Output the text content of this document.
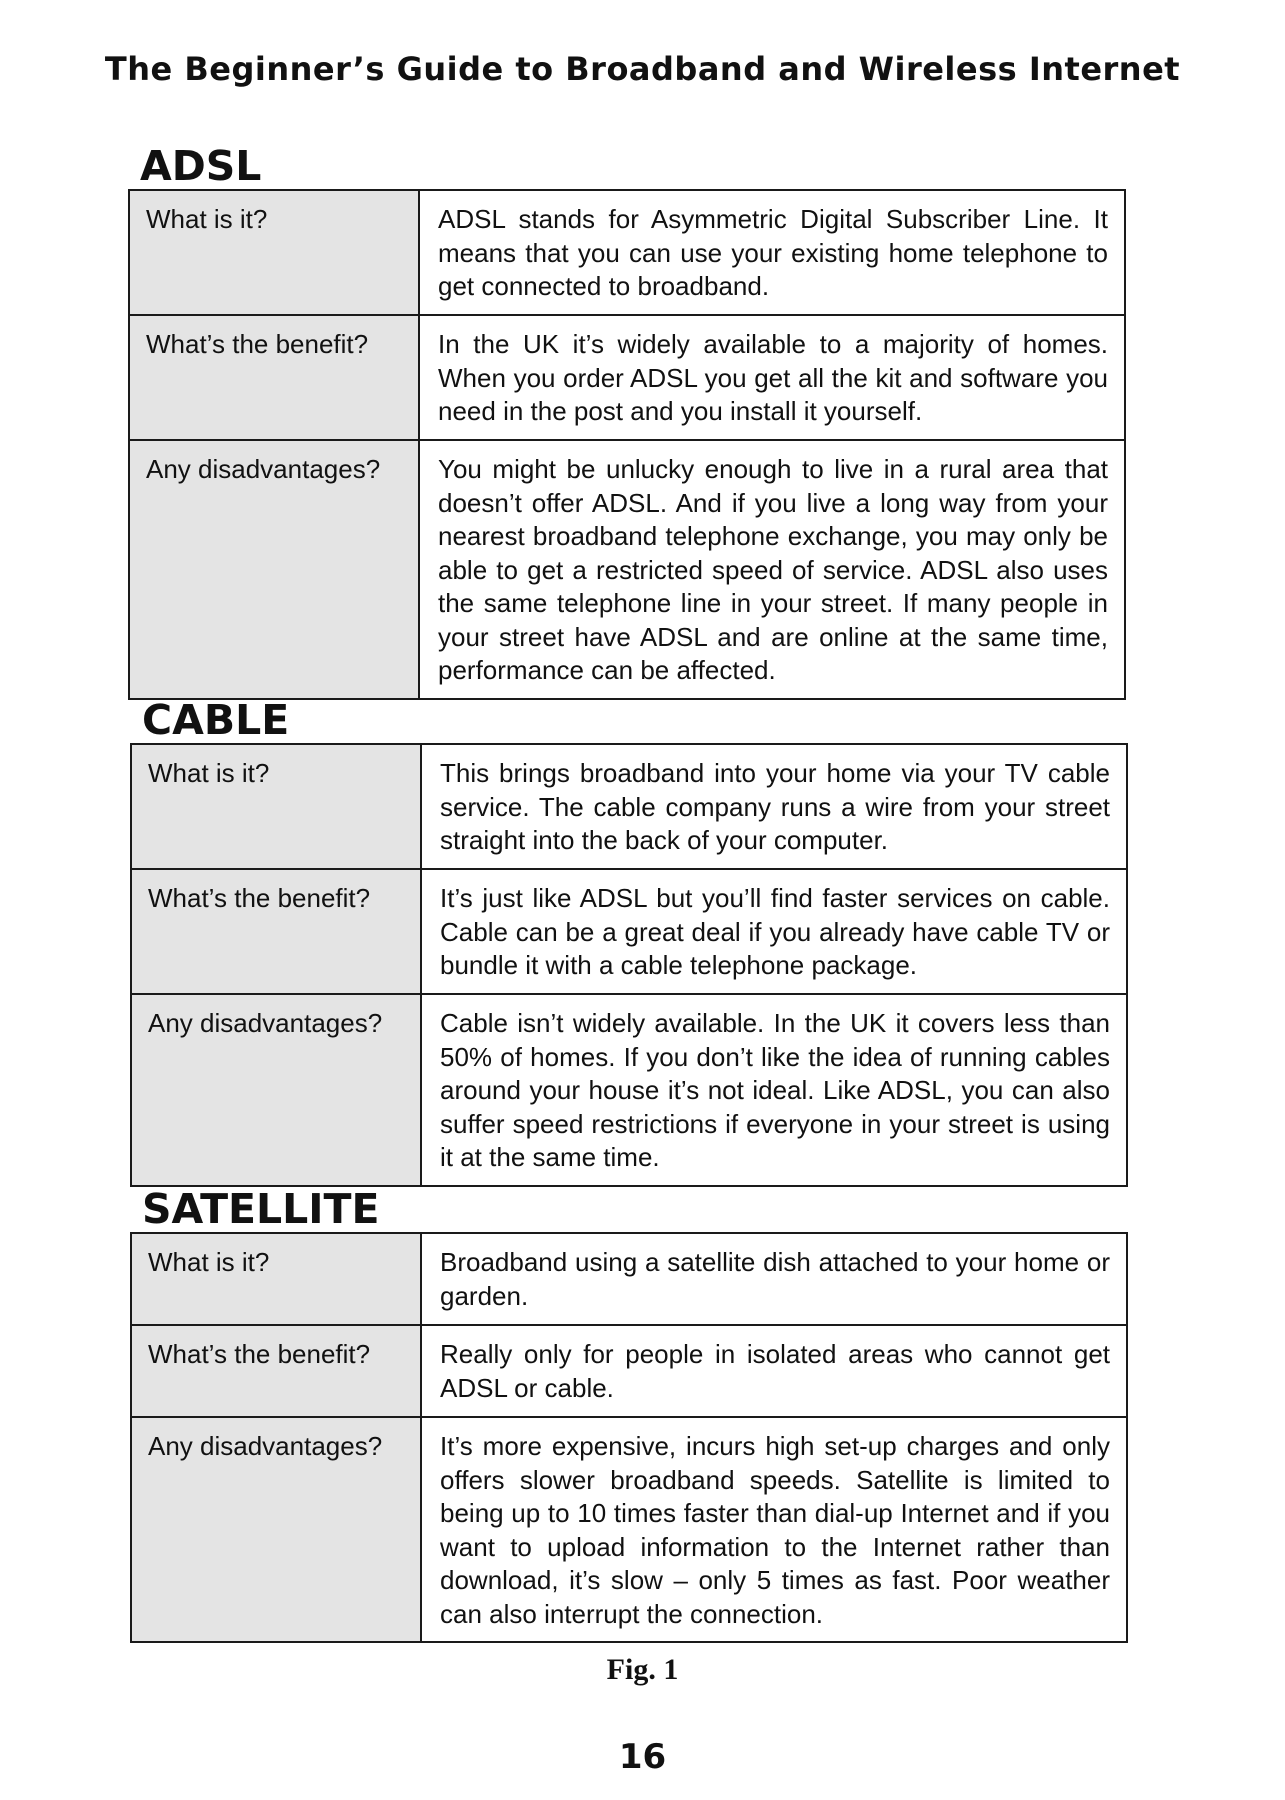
The Beginner’s Guide to Broadband and Wireless Internet
ADSL
What is it?	ADSL stands for Asymmetric Digital Subscriber Line. It means that you can use your existing home telephone to get connected to broadband.
What’s the benefit?	In the UK it’s widely available to a majority of homes. When you order ADSL you get all the kit and software you need in the post and you install it yourself.
Any disadvantages?	You might be unlucky enough to live in a rural area that doesn’t offer ADSL. And if you live a long way from your nearest broadband telephone exchange, you may only be able to get a restricted speed of service. ADSL also uses the same telephone line in your street. If many people in your street have ADSL and are online at the same time, performance can be affected.
CABLE
What is it?	This brings broadband into your home via your TV cable service. The cable company runs a wire from your street straight into the back of your computer.
What’s the benefit?	It’s just like ADSL but you’ll find faster services on cable. Cable can be a great deal if you already have cable TV or bundle it with a cable telephone package.
Any disadvantages?	Cable isn’t widely available. In the UK it covers less than 50% of homes. If you don’t like the idea of running cables around your house it’s not ideal. Like ADSL, you can also suffer speed restrictions if everyone in your street is using it at the same time.
SATELLITE
What is it?	Broadband using a satellite dish attached to your home or garden.
What’s the benefit?	Really only for people in isolated areas who cannot get ADSL or cable.
Any disadvantages?	It’s more expensive, incurs high set-up charges and only offers slower broadband speeds. Satellite is limited to being up to 10 times faster than dial-up Internet and if you want to upload information to the Internet rather than download, it’s slow – only 5 times as fast. Poor weather can also interrupt the connection.
Fig. 1
16
